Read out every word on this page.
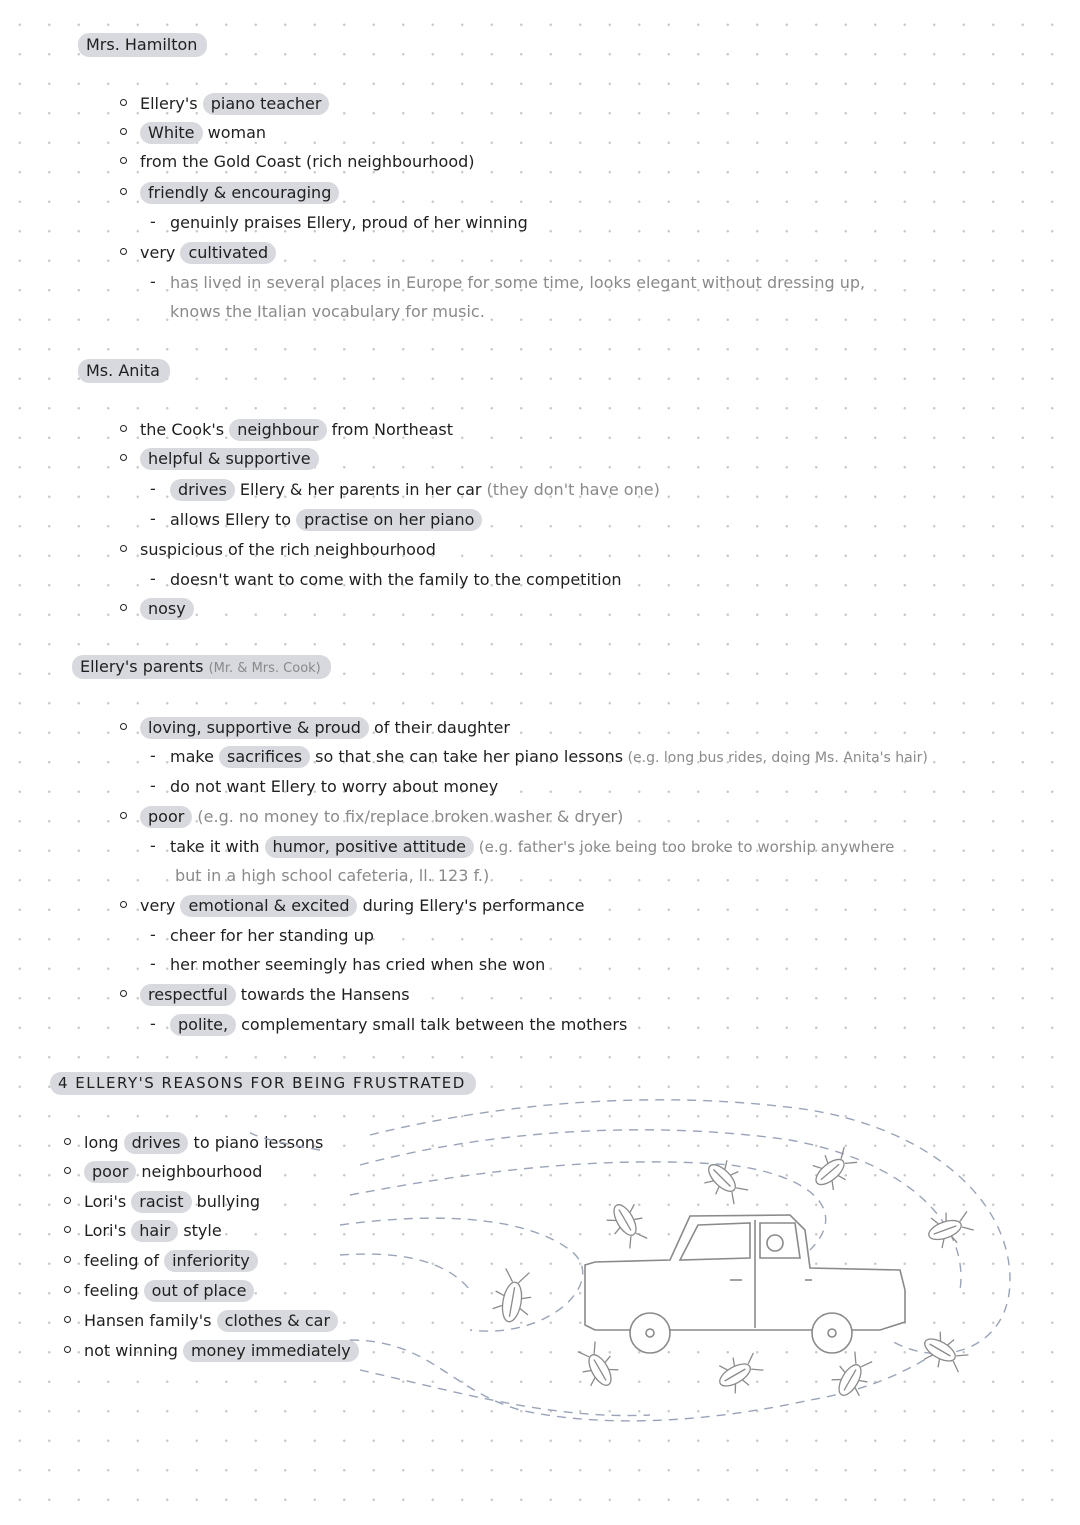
Mrs. Hamilton
Ellery's piano teacher
White woman
from the Gold Coast (rich neighbourhood)
friendly & encouraging
- genuinly praises Ellery, proud of her winning
very cultivated
- has lived in several places in Europe for some time, looks elegant without dressing up,
knows the Italian vocabulary for music.
Ms. Anita
the Cook's neighbour from Northeast
helpful & supportive
- drives Ellery & her parents in her car (they don't have one)
- allows Ellery to practise on her piano
suspicious of the rich neighbourhood
- doesn't want to come with the family to the competition
nosy
Ellery's parents (Mr. & Mrs. Cook)
loving, supportive & proud of their daughter
- make sacrifices so that she can take her piano lessons (e.g. long bus rides, doing Ms. Anita's hair)
- do not want Ellery to worry about money
poor (e.g. no money to fix/replace broken washer & dryer)
- take it with humor, positive attitude (e.g. father's joke being too broke to worship anywhere
but in a high school cafeteria, ll. 123 f.)
very emotional & excited during Ellery's performance
- cheer for her standing up
- her mother seemingly has cried when she won
respectful towards the Hansens
- polite, complementary small talk between the mothers
4 ELLERY'S REASONS FOR BEING FRUSTRATED
long drives to piano lessons
poor neighbourhood
Lori's racist bullying
Lori's hair style
feeling of inferiority
feeling out of place
Hansen family's clothes & car
not winning money immediately
